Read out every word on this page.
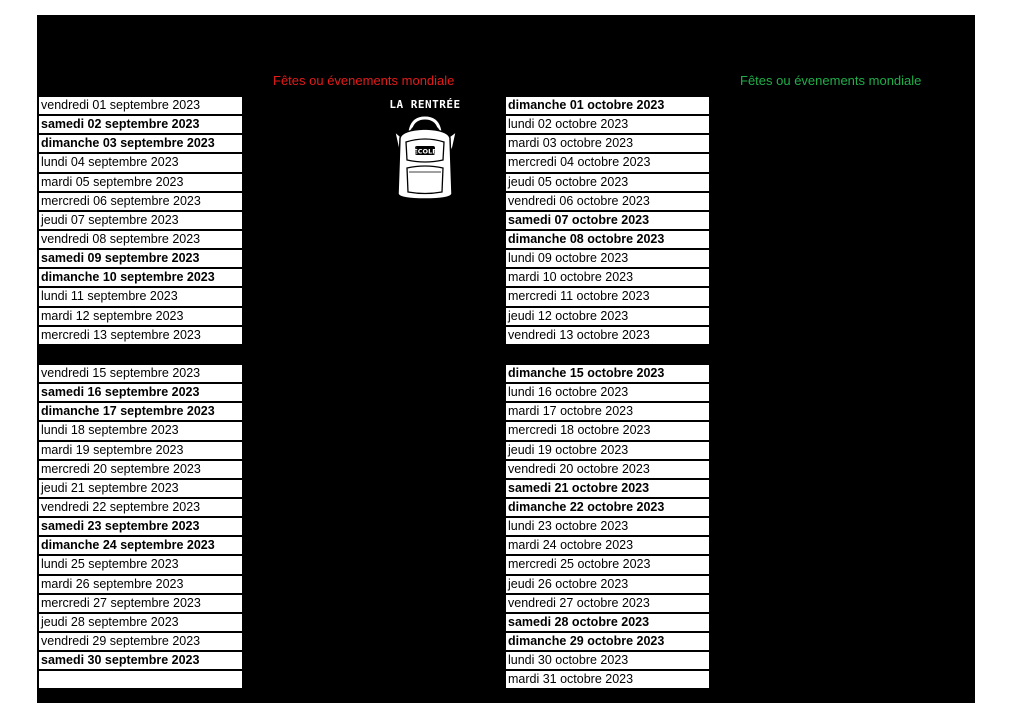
Fêtes ou évenements mondiale	Fêtes ou évenements mondiale
LA RENTRÉE
ÉCOLE
vendredi 01 septembre 2023
samedi 02 septembre 2023
dimanche 03 septembre 2023
lundi 04 septembre 2023
mardi 05 septembre 2023
mercredi 06 septembre 2023
jeudi 07 septembre 2023
vendredi 08 septembre 2023
samedi 09 septembre 2023
dimanche 10 septembre 2023
lundi 11 septembre 2023
mardi 12 septembre 2023
mercredi 13 septembre 2023
vendredi 15 septembre 2023
samedi 16 septembre 2023
dimanche 17 septembre 2023
lundi 18 septembre 2023
mardi 19 septembre 2023
mercredi 20 septembre 2023
jeudi 21 septembre 2023
vendredi 22 septembre 2023
samedi 23 septembre 2023
dimanche 24 septembre 2023
lundi 25 septembre 2023
mardi 26 septembre 2023
mercredi 27 septembre 2023
jeudi 28 septembre 2023
vendredi 29 septembre 2023
samedi 30 septembre 2023
dimanche 01 octobre 2023
lundi 02 octobre 2023
mardi 03 octobre 2023
mercredi 04 octobre 2023
jeudi 05 octobre 2023
vendredi 06 octobre 2023
samedi 07 octobre 2023
dimanche 08 octobre 2023
lundi 09 octobre 2023
mardi 10 octobre 2023
mercredi 11 octobre 2023
jeudi 12 octobre 2023
vendredi 13 octobre 2023
dimanche 15 octobre 2023
lundi 16 octobre 2023
mardi 17 octobre 2023
mercredi 18 octobre 2023
jeudi 19 octobre 2023
vendredi 20 octobre 2023
samedi 21 octobre 2023
dimanche 22 octobre 2023
lundi 23 octobre 2023
mardi 24 octobre 2023
mercredi 25 octobre 2023
jeudi 26 octobre 2023
vendredi 27 octobre 2023
samedi 28 octobre 2023
dimanche 29 octobre 2023
lundi 30 octobre 2023
mardi 31 octobre 2023
